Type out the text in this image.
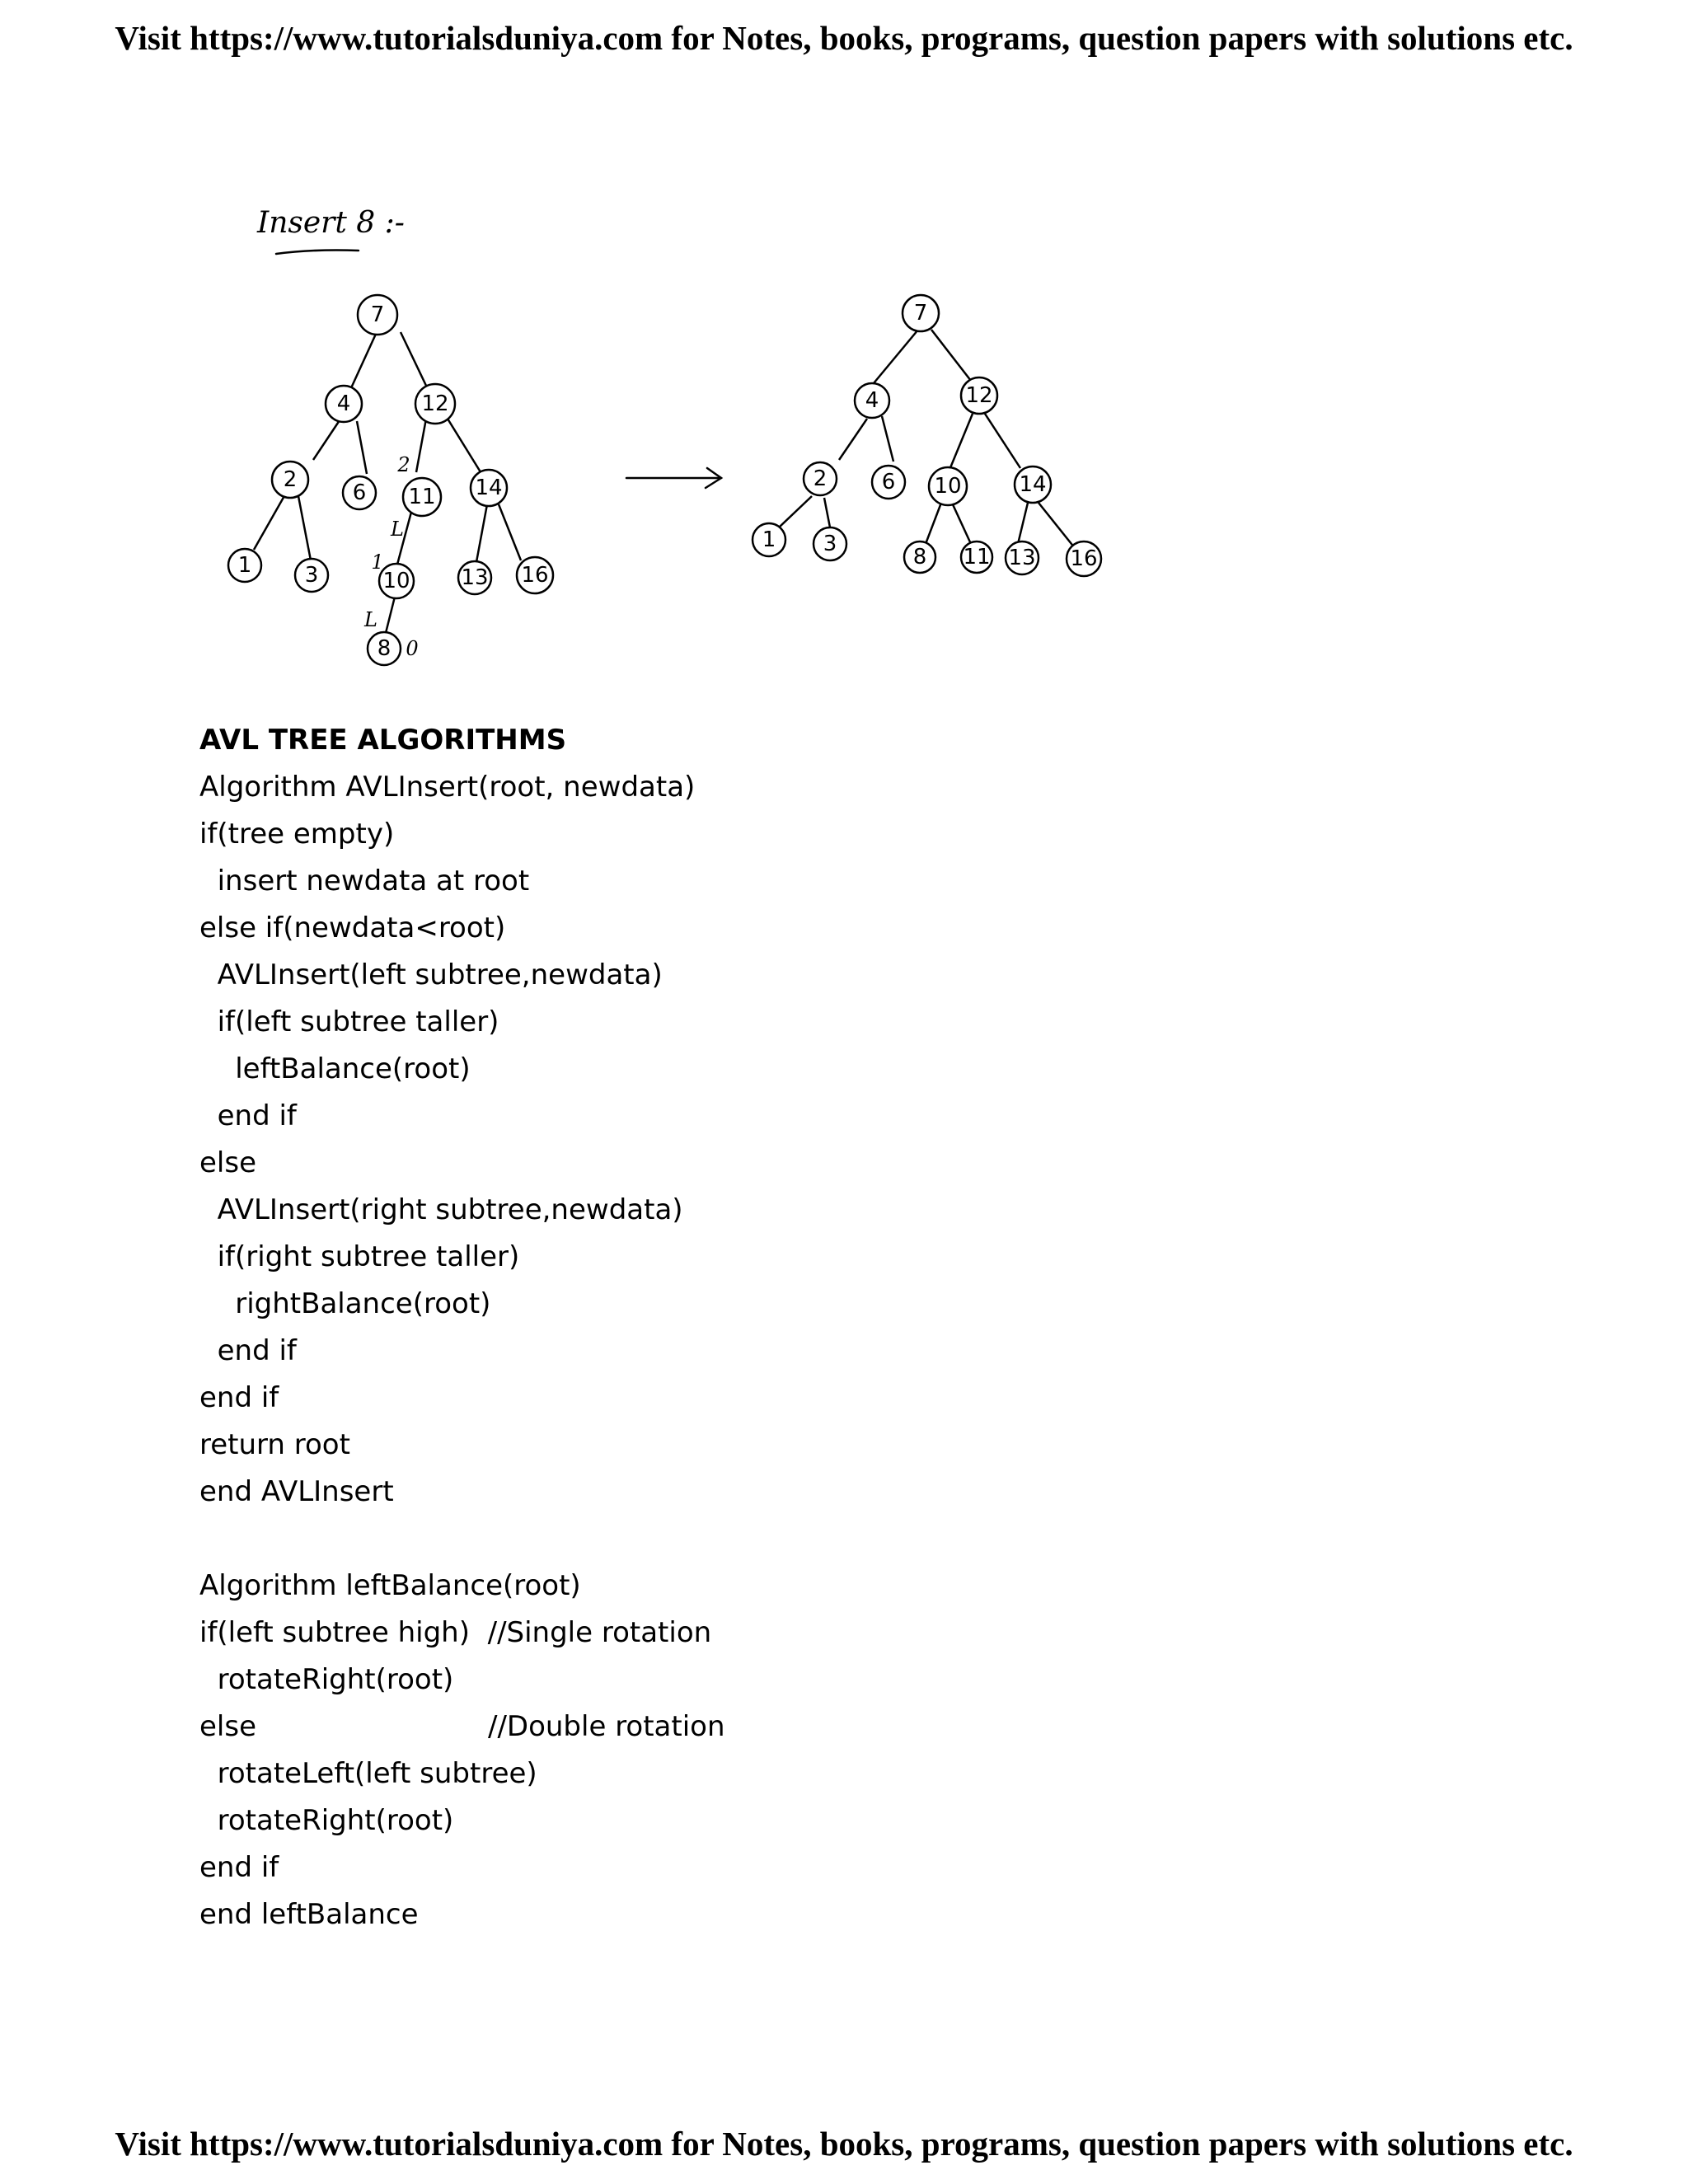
Visit https://www.tutorialsduniya.com for Notes, books, programs, question papers with solutions etc.
Insert 8 :-
7
4	12
2
6 11 14
1 3	10 13 16
8
2
L
1
L
0
7
4	12
2	6 10	14
1 3
8 11 13 16
AVL TREE ALGORITHMS
Algorithm AVLInsert(root, newdata)
if(tree empty)
insert newdata at root
else if(newdata<root)
AVLInsert(left subtree,newdata)
if(left subtree taller)
leftBalance(root)
end if
else
AVLInsert(right subtree,newdata)
if(right subtree taller)
rightBalance(root)
end if
end if
return root
end AVLInsert
Algorithm leftBalance(root)
if(left subtree high)  //Single rotation
rotateRight(root)
else                          //Double rotation
rotateLeft(left subtree)
rotateRight(root)
end if
end leftBalance
Visit https://www.tutorialsduniya.com for Notes, books, programs, question papers with solutions etc.
